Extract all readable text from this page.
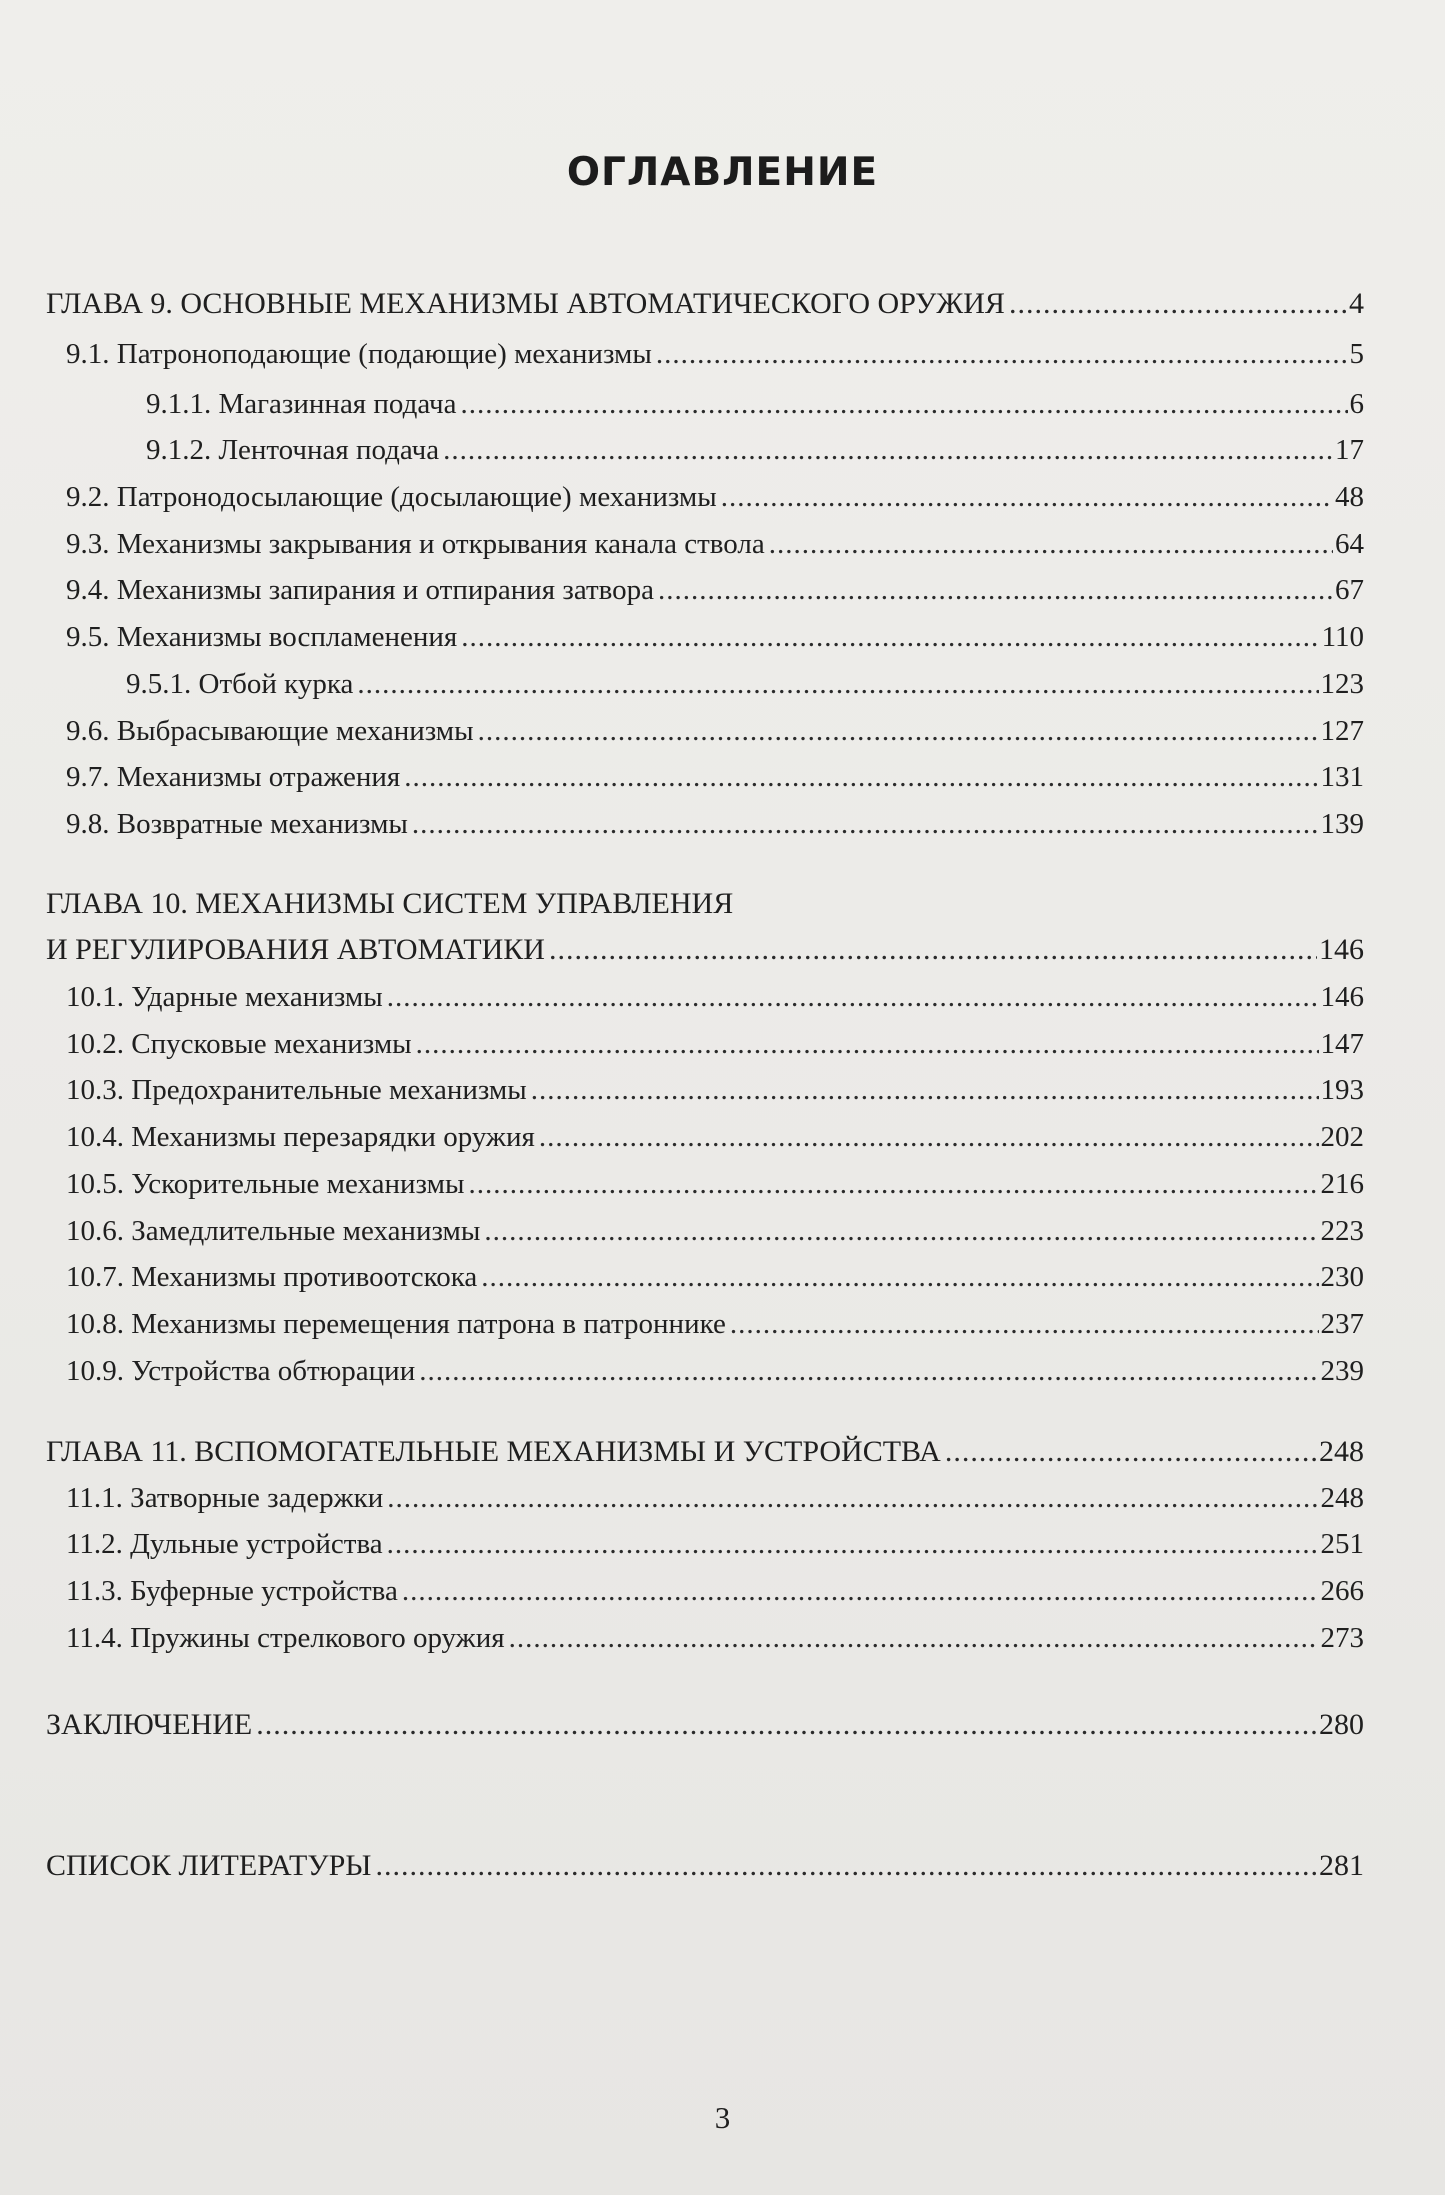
ОГЛАВЛЕНИЕ
ГЛАВА 9. ОСНОВНЫЕ МЕХАНИЗМЫ АВТОМАТИЧЕСКОГО ОРУЖИЯ .....	4
9.1. Патроноподающие (подающие) механизмы .....	5
9.1.1. Магазинная подача .....	6
9.1.2. Ленточная подача .....	17
9.2. Патронодосылающие (досылающие) механизмы .....	48
9.3. Механизмы закрывания и открывания канала ствола .....	64
9.4. Механизмы запирания и отпирания затвора .....	67
9.5. Механизмы воспламенения .....	110
9.5.1. Отбой курка .....	123
9.6. Выбрасывающие механизмы .....	127
9.7. Механизмы отражения .....	131
9.8. Возвратные механизмы .....	139
ГЛАВА 10. МЕХАНИЗМЫ СИСТЕМ УПРАВЛЕНИЯ
И РЕГУЛИРОВАНИЯ АВТОМАТИКИ .....	146
10.1. Ударные механизмы .....	146
10.2. Спусковые механизмы .....	147
10.3. Предохранительные механизмы .....	193
10.4. Механизмы перезарядки оружия .....	202
10.5. Ускорительные механизмы .....	216
10.6. Замедлительные механизмы .....	223
10.7. Механизмы противоотскока .....	230
10.8. Механизмы перемещения патрона в патроннике .....	237
10.9. Устройства обтюрации .....	239
ГЛАВА 11. ВСПОМОГАТЕЛЬНЫЕ МЕХАНИЗМЫ И УСТРОЙСТВА .....	248
11.1. Затворные задержки .....	248
11.2. Дульные устройства .....	251
11.3. Буферные устройства .....	266
11.4. Пружины стрелкового оружия .....	273
ЗАКЛЮЧЕНИЕ .....	280
СПИСОК ЛИТЕРАТУРЫ .....	281
3
